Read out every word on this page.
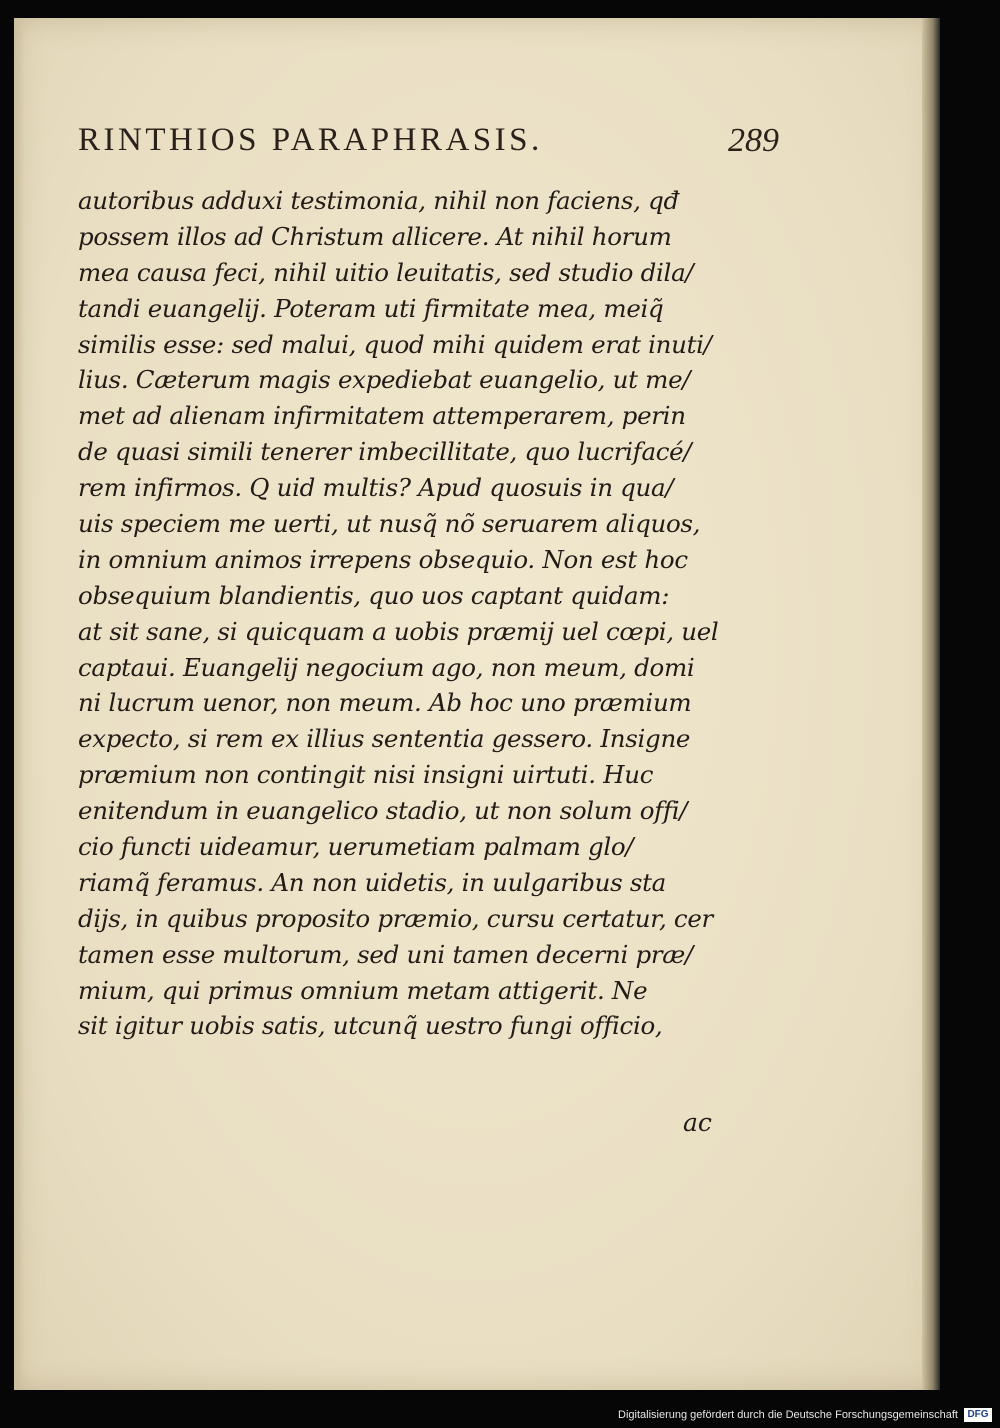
RINTHIOS PARAPHRASIS.	289
autoribus adduxi testimonia, nihil non faciens, qđ
possem illos ad Christum allicere. At nihil horum
mea causa feci, nihil uitio leuitatis, sed studio dila/
tandi euangelij. Poteram uti firmitate mea, meiq̃
similis esse: sed malui, quod mihi quidem erat inuti/
lius. Cæterum magis expediebat euangelio, ut me/
met ad alienam infirmitatem attemperarem, perin
de quasi simili tenerer imbecillitate, quo lucrifacé/
rem infirmos. Q uid multis? Apud quosuis in qua/
uis speciem me uerti, ut nusq̃ nõ seruarem aliquos,
in omnium animos irrepens obsequio. Non est hoc
obsequium blandientis, quo uos captant quidam:
at sit sane, si quicquam a uobis præmij uel cœpi, uel
captaui. Euangelij negocium ago, non meum, domi
ni lucrum uenor, non meum. Ab hoc uno præmium
expecto, si rem ex illius sententia gessero. Insigne
præmium non contingit nisi insigni uirtuti. Huc
enitendum in euangelico stadio, ut non solum offi/
cio functi uideamur, uerumetiam palmam glo/
riamq̃ feramus. An non uidetis, in uulgaribus sta
dijs, in quibus proposito præmio, cursu certatur, cer
tamen esse multorum, sed uni tamen decerni præ/
mium, qui primus omnium metam attigerit. Ne
sit igitur uobis satis, utcunq̃ uestro fungi officio,
ac
Digitalisierung gefördert durch die Deutsche Forschungsgemeinschaft DFG
